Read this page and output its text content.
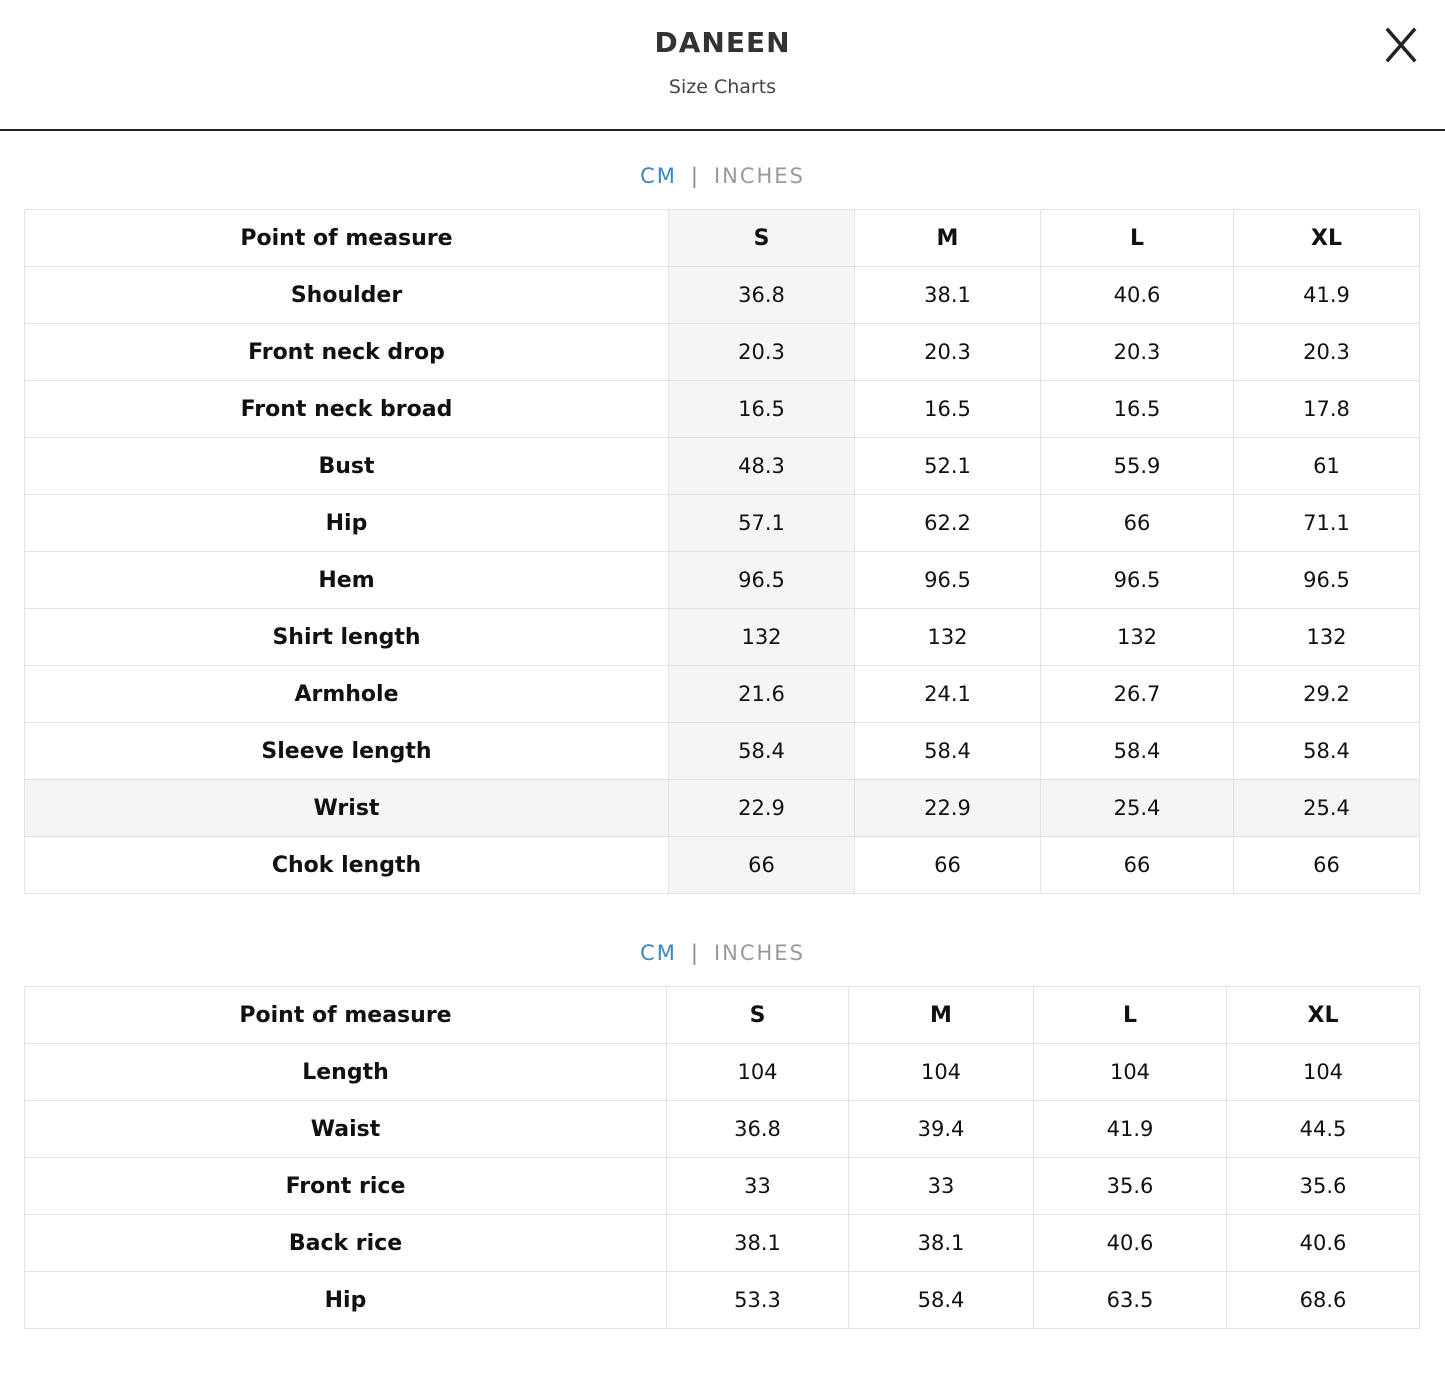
DANEEN
Size Charts
CM | INCHES
Point of measure	S	M	L	XL
Shoulder	36.8	38.1	40.6	41.9
Front neck drop	20.3	20.3	20.3	20.3
Front neck broad	16.5	16.5	16.5	17.8
Bust	48.3	52.1	55.9	61
Hip	57.1	62.2	66	71.1
Hem	96.5	96.5	96.5	96.5
Shirt length	132	132	132	132
Armhole	21.6	24.1	26.7	29.2
Sleeve length	58.4	58.4	58.4	58.4
Wrist	22.9	22.9	25.4	25.4
Chok length	66	66	66	66
CM | INCHES
Point of measure	S	M	L	XL
Length	104	104	104	104
Waist	36.8	39.4	41.9	44.5
Front rice	33	33	35.6	35.6
Back rice	38.1	38.1	40.6	40.6
Hip	53.3	58.4	63.5	68.6
